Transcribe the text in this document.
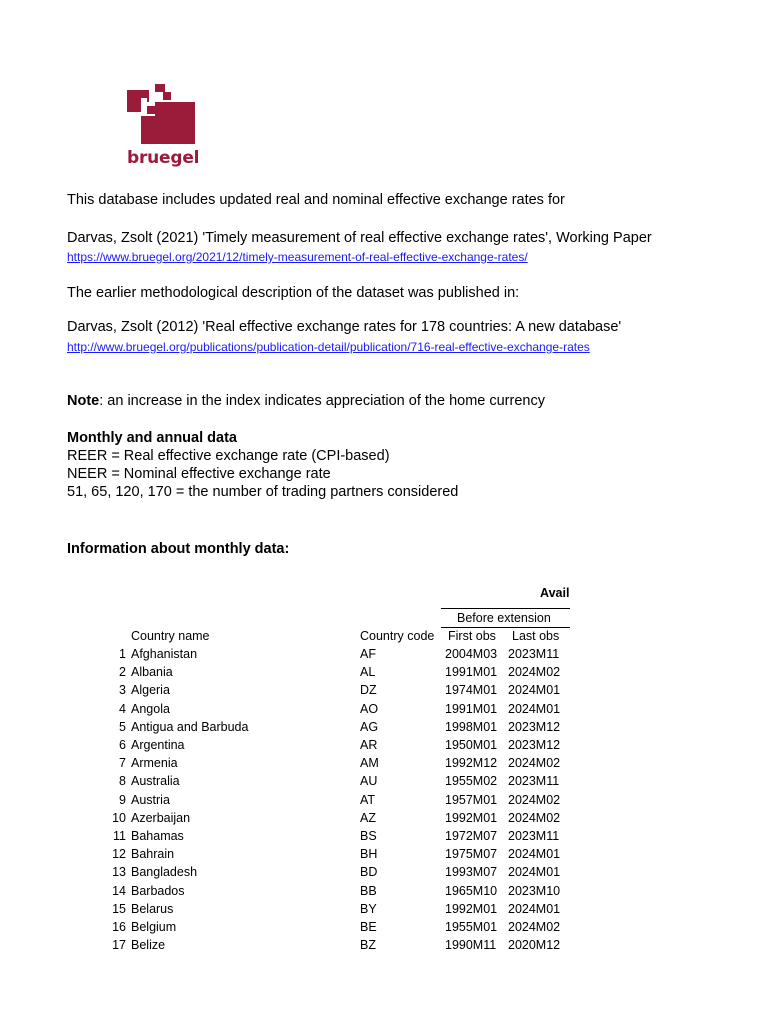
bruegel
This database includes updated real and nominal effective exchange rates for
Darvas, Zsolt (2021) 'Timely measurement of real effective exchange rates', Working Paper
https://www.bruegel.org/2021/12/timely-measurement-of-real-effective-exchange-rates/
The earlier methodological description of the dataset was published in:
Darvas, Zsolt (2012) 'Real effective exchange rates for 178 countries: A new database'
http://www.bruegel.org/publications/publication-detail/publication/716-real-effective-exchange-rates
Note: an increase in the index indicates appreciation of the home currency
Monthly and annual data
REER = Real effective exchange rate (CPI-based)
NEER = Nominal effective exchange rate
51, 65, 120, 170 = the number of trading partners considered
Information about monthly data:
Avail
Before extension
Country name	Country code First obs Last obs
1 Afghanistan	AF	2004M03 2023M11
2 Albania	AL	1991M01 2024M02
3 Algeria	DZ	1974M01 2024M01
4 Angola	AO	1991M01 2024M01
5 Antigua and Barbuda	AG	1998M01 2023M12
6 Argentina	AR	1950M01 2023M12
7 Armenia	AM	1992M12 2024M02
8 Australia	AU	1955M02 2023M11
9 Austria	AT	1957M01 2024M02
10 Azerbaijan	AZ	1992M01 2024M02
11 Bahamas	BS	1972M07 2023M11
12 Bahrain	BH	1975M07 2024M01
13 Bangladesh	BD	1993M07 2024M01
14 Barbados	BB	1965M10 2023M10
15 Belarus	BY	1992M01 2024M01
16 Belgium	BE	1955M01 2024M02
17 Belize	BZ	1990M11 2020M12
